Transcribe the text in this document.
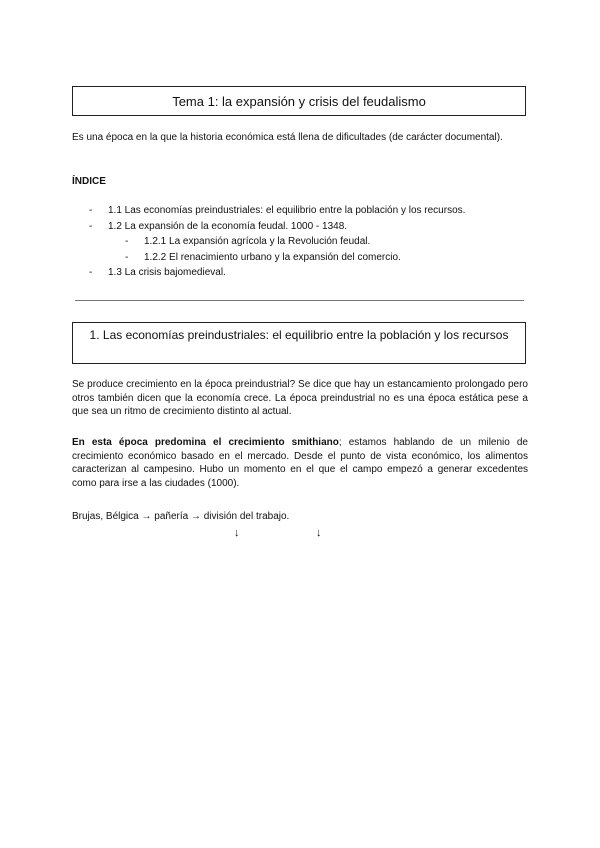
Tema 1: la expansión y crisis del feudalismo

Es una época en la que la historia económica está llena de dificultades (de carácter documental).

ÍNDICE
- 1.1 Las economías preindustriales: el equilibrio entre la población y los recursos.
- 1.2 La expansión de la economía feudal. 1000 - 1348.
- 1.2.1 La expansión agrícola y la Revolución feudal.
- 1.2.2 El renacimiento urbano y la expansión del comercio.
- 1.3 La crisis bajomedieval.
1. Las economías preindustriales: el equilibrio entre la población y los recursos

Se produce crecimiento en la época preindustrial? Se dice que hay un estancamiento prolongado pero otros también dicen que la economía crece. La época preindustrial no es una época estática pese a que sea un ritmo de crecimiento distinto al actual.

En esta época predomina el crecimiento smithiano; estamos hablando de un milenio de crecimiento económico basado en el mercado. Desde el punto de vista económico, los alimentos caracterizan al campesino. Hubo un momento en el que el campo empezó a generar excedentes como para irse a las ciudades (1000).

Brujas, Bélgica → pañería → división del trabajo.

↓	↓
